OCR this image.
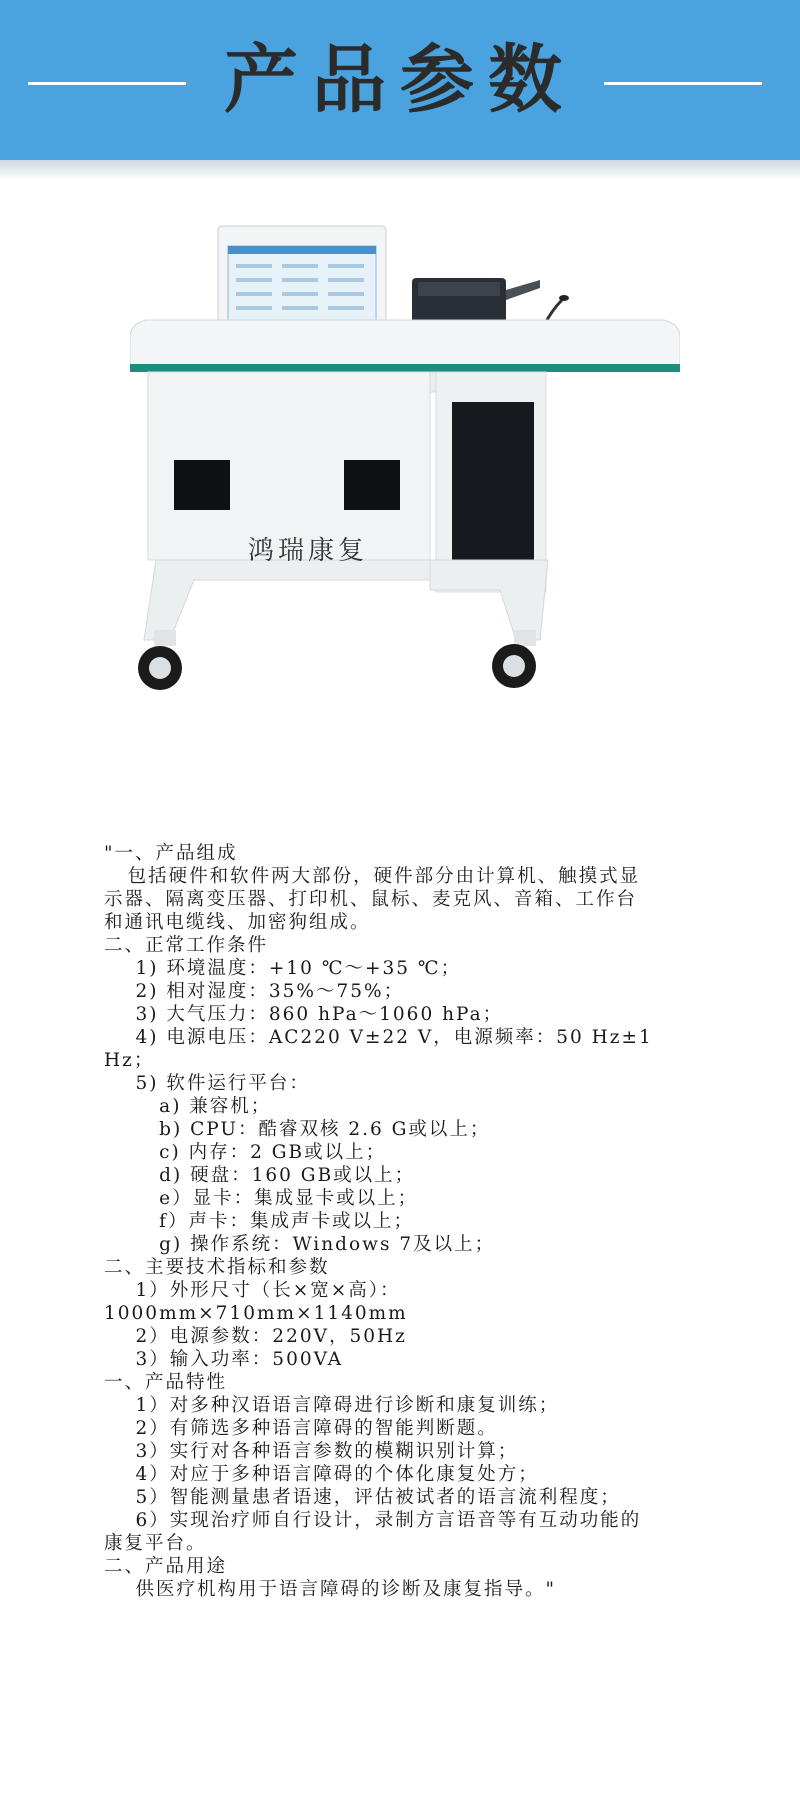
产品参数
鸿瑞康复
"一、产品组成
包括硬件和软件两大部份，硬件部分由计算机、触摸式显
示器、隔离变压器、打印机、鼠标、麦克风、音箱、工作台
和通讯电缆线、加密狗组成。
二、正常工作条件
1) 环境温度：+10 ℃～+35 ℃；
2) 相对湿度：35%～75%；
3) 大气压力：860 hPa～1060 hPa；
4) 电源电压：AC220 V±22 V，电源频率：50 Hz±1
Hz；
5) 软件运行平台：
a) 兼容机；
b) CPU：酷睿双核 2.6 G或以上；
c) 内存：2 GB或以上；
d) 硬盘：160 GB或以上；
e）显卡：集成显卡或以上；
f）声卡：集成声卡或以上；
g) 操作系统：Windows 7及以上；
二、主要技术指标和参数
1）外形尺寸（长×宽×高）：
1000mm×710mm×1140mm
2）电源参数：220V，50Hz
3）输入功率：500VA
一、产品特性
1）对多种汉语语言障碍进行诊断和康复训练；
2）有筛选多种语言障碍的智能判断题。
3）实行对各种语言参数的模糊识别计算；
4）对应于多种语言障碍的个体化康复处方；
5）智能测量患者语速，评估被试者的语言流利程度；
6）实现治疗师自行设计，录制方言语音等有互动功能的
康复平台。
二、产品用途
供医疗机构用于语言障碍的诊断及康复指导。"
